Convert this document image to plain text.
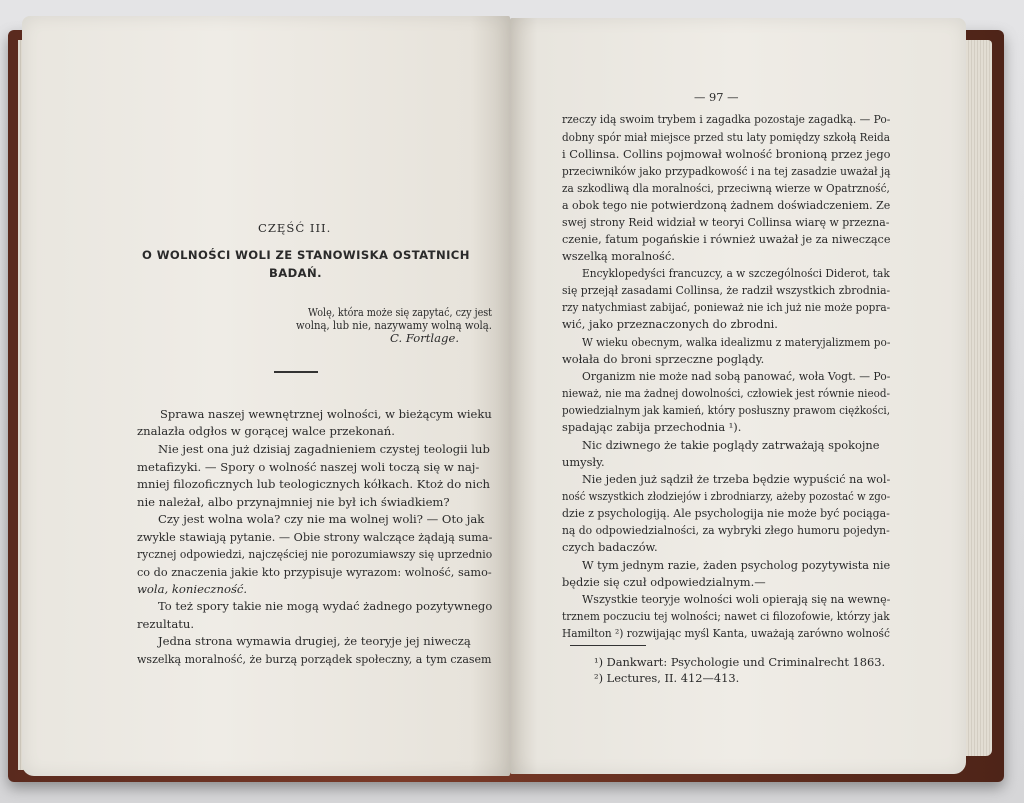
CZĘŚĆ III.
O WOLNOŚCI WOLI ZE STANOWISKA OSTATNICH
BADAŃ.
Wolę, która może się zapytać, czy jest
wolną, lub nie, nazywamy wolną wolą.
C. Fortlage.
Sprawa naszej wewnętrznej wolności, w bieżącym wieku
znalazła odgłos w gorącej walce przekonań.
Nie jest ona już dzisiaj zagadnieniem czystej teologii lub
metafizyki. — Spory o wolność naszej woli toczą się w naj-
mniej filozoficznych lub teologicznych kółkach. Ktoż do nich
nie należał, albo przynajmniej nie był ich świadkiem?
Czy jest wolna wola? czy nie ma wolnej woli? — Oto jak
zwykle stawiają pytanie. — Obie strony walczące żądają suma-
rycznej odpowiedzi, najczęściej nie porozumiawszy się uprzednio
co do znaczenia jakie kto przypisuje wyrazom: wolność, samo-
wola, konieczność.
To też spory takie nie mogą wydać żadnego pozytywnego
rezultatu.
Jedna strona wymawia drugiej, że teoryje jej niweczą
wszelką moralność, że burzą porządek społeczny, a tym czasem
— 97 —
rzeczy idą swoim trybem i zagadka pozostaje zagadką. — Po-
dobny spór miał miejsce przed stu laty pomiędzy szkołą Reida
i Collinsa. Collins pojmował wolność bronioną przez jego
przeciwników jako przypadkowość i na tej zasadzie uważał ją
za szkodliwą dla moralności, przeciwną wierze w Opatrzność,
a obok tego nie potwierdzoną żadnem doświadczeniem. Ze
swej strony Reid widział w teoryi Collinsa wiarę w przezna-
czenie, fatum pogańskie i również uważał je za niweczące
wszelką moralność.
Encyklopedyści francuzcy, a w szczególności Diderot, tak
się przejął zasadami Collinsa, że radził wszystkich zbrodnia-
rzy natychmiast zabijać, ponieważ nie ich już nie może popra-
wić, jako przeznaczonych do zbrodni.
W wieku obecnym, walka idealizmu z materyjalizmem po-
wołała do broni sprzeczne poglądy.
Organizm nie może nad sobą panować, woła Vogt. — Po-
nieważ, nie ma żadnej dowolności, człowiek jest równie nieod-
powiedzialnym jak kamień, który posłuszny prawom ciężkości,
spadając zabija przechodnia ¹).
Nic dziwnego że takie poglądy zatrważają spokojne
umysły.
Nie jeden już sądził że trzeba będzie wypuścić na wol-
ność wszystkich złodziejów i zbrodniarzy, ażeby pozostać w zgo-
dzie z psychologiją. Ale psychologija nie może być pociąga-
ną do odpowiedzialności, za wybryki złego humoru pojedyn-
czych badaczów.
W tym jednym razie, żaden psycholog pozytywista nie
będzie się czuł odpowiedzialnym.—
Wszystkie teoryje wolności woli opierają się na wewnę-
trznem poczuciu tej wolności; nawet ci filozofowie, którzy jak
Hamilton ²) rozwijając myśl Kanta, uważają zarówno wolność
¹) Dankwart: Psychologie und Criminalrecht 1863.
²) Lectures, II. 412—413.
